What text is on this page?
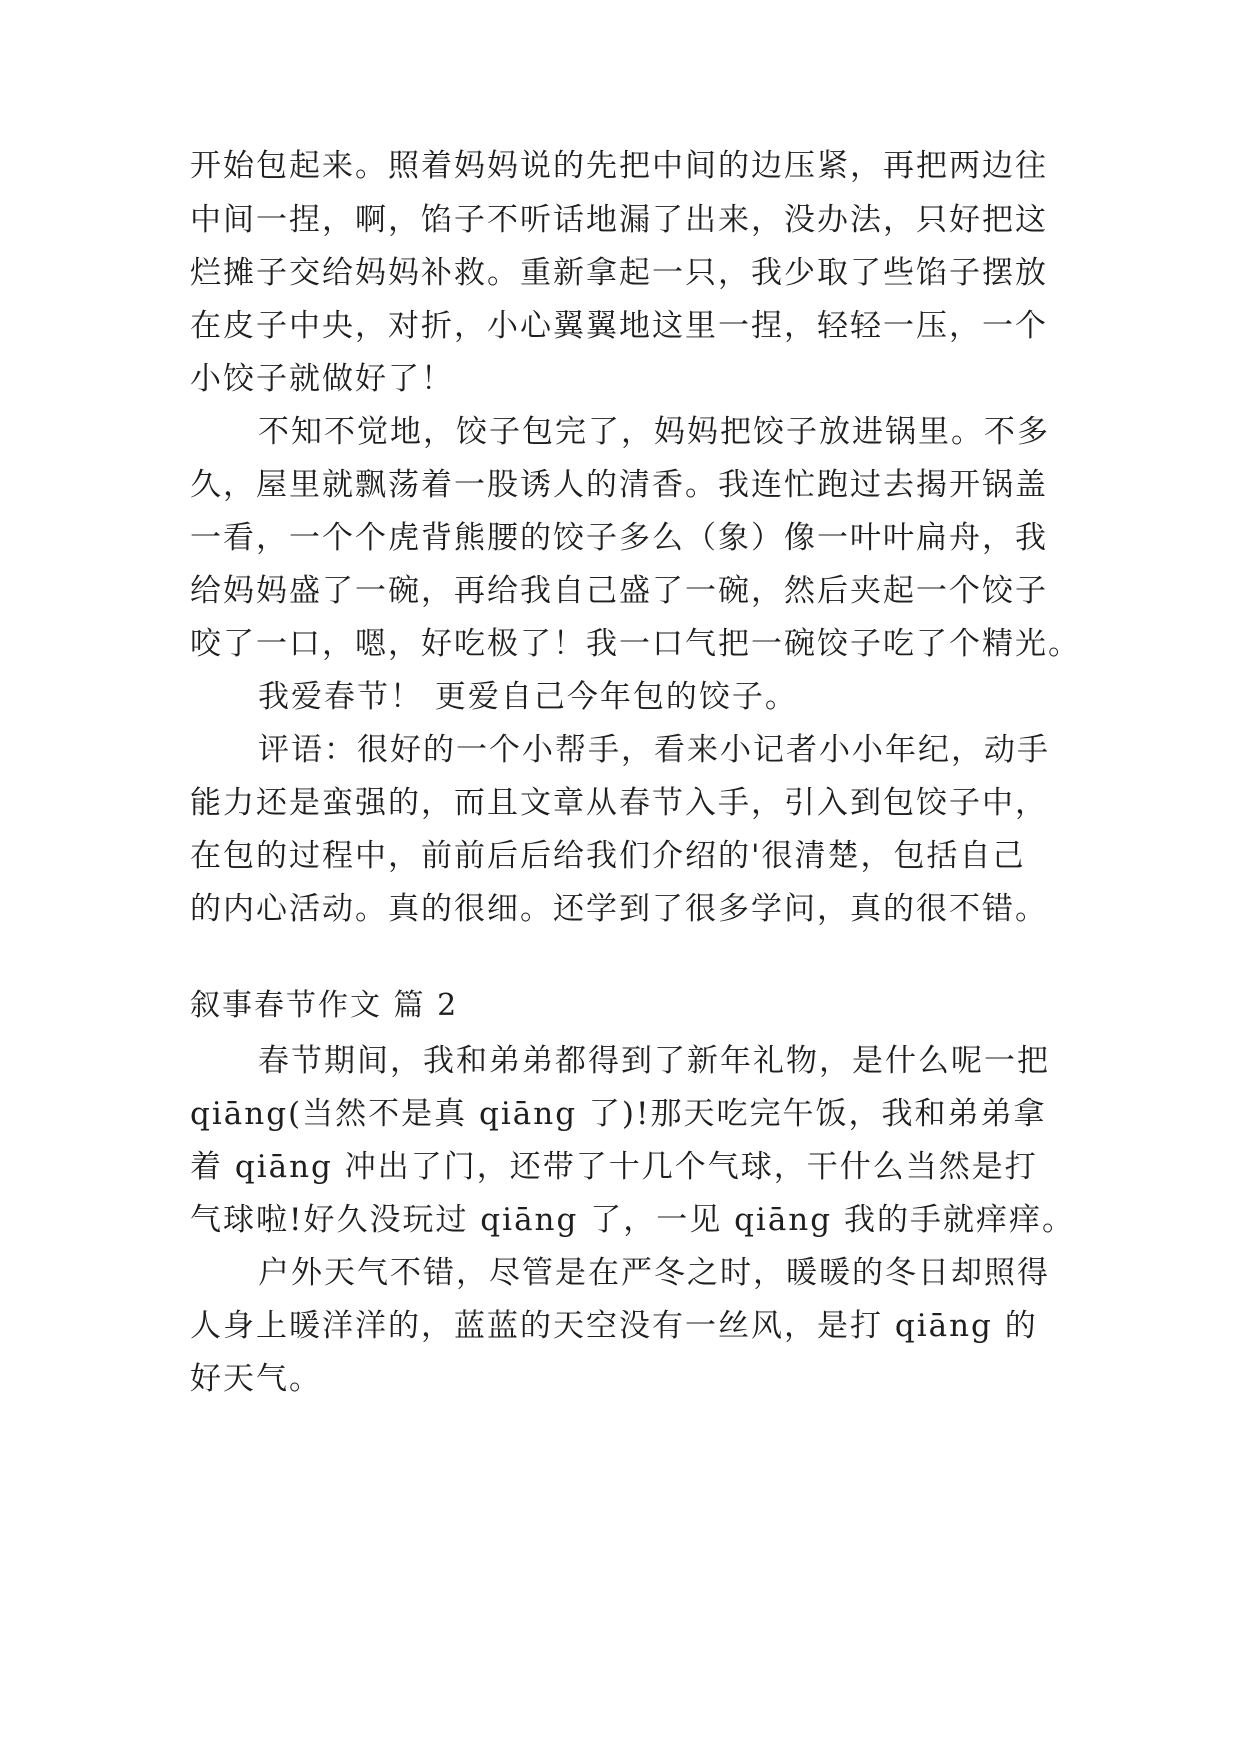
开始包起来。照着妈妈说的先把中间的边压紧，再把两边往
中间一捏，啊，馅子不听话地漏了出来，没办法，只好把这
烂摊子交给妈妈补救。重新拿起一只，我少取了些馅子摆放
在皮子中央，对折，小心翼翼地这里一捏，轻轻一压，一个
小饺子就做好了！
不知不觉地，饺子包完了，妈妈把饺子放进锅里。不多
久，屋里就飘荡着一股诱人的清香。我连忙跑过去揭开锅盖
一看，一个个虎背熊腰的饺子多么（象）像一叶叶扁舟，我
给妈妈盛了一碗，再给我自己盛了一碗，然后夹起一个饺子
咬了一口，嗯，好吃极了！我一口气把一碗饺子吃了个精光。
我爱春节！ 更爱自己今年包的饺子。
评语：很好的一个小帮手，看来小记者小小年纪，动手
能力还是蛮强的，而且文章从春节入手，引入到包饺子中，
在包的过程中，前前后后给我们介绍的'很清楚，包括自己
的内心活动。真的很细。还学到了很多学问，真的很不错。
叙事春节作文 篇 2
春节期间，我和弟弟都得到了新年礼物，是什么呢一把
qiāng(当然不是真 qiāng 了)!那天吃完午饭，我和弟弟拿
着 qiāng 冲出了门，还带了十几个气球，干什么当然是打
气球啦!好久没玩过 qiāng 了，一见 qiāng 我的手就痒痒。
户外天气不错，尽管是在严冬之时，暖暖的冬日却照得
人身上暖洋洋的，蓝蓝的天空没有一丝风，是打 qiāng 的
好天气。
